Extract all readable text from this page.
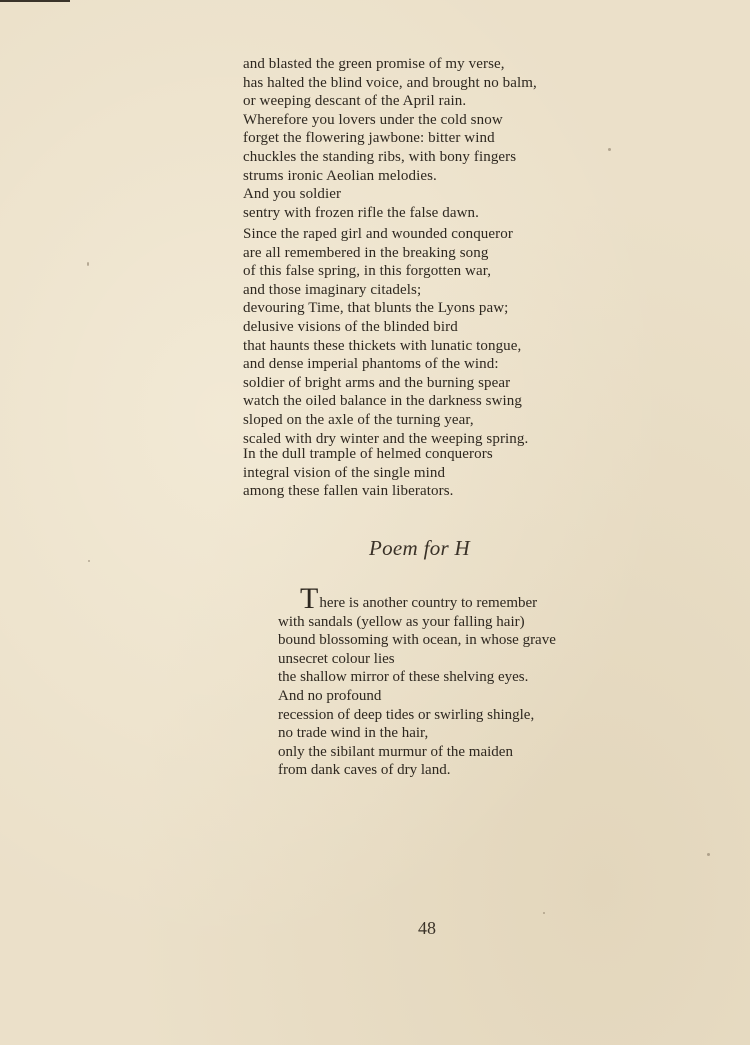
and blasted the green promise of my verse,
has halted the blind voice, and brought no balm,
or weeping descant of the April rain.
Wherefore you lovers under the cold snow
forget the flowering jawbone: bitter wind
chuckles the standing ribs, with bony fingers
strums ironic Aeolian melodies.
And you soldier
sentry with frozen rifle the false dawn.
Since the raped girl and wounded conqueror
are all remembered in the breaking song
of this false spring, in this forgotten war,
and those imaginary citadels;
devouring Time, that blunts the Lyons paw;
delusive visions of the blinded bird
that haunts these thickets with lunatic tongue,
and dense imperial phantoms of the wind:
soldier of bright arms and the burning spear
watch the oiled balance in the darkness swing
sloped on the axle of the turning year,
scaled with dry winter and the weeping spring.
In the dull trample of helmed conquerors
integral vision of the single mind
among these fallen vain liberators.
Poem for H
There is another country to remember
with sandals (yellow as your falling hair)
bound blossoming with ocean, in whose grave
unsecret colour lies
the shallow mirror of these shelving eyes.
And no profound
recession of deep tides or swirling shingle,
no trade wind in the hair,
only the sibilant murmur of the maiden
from dank caves of dry land.
48
